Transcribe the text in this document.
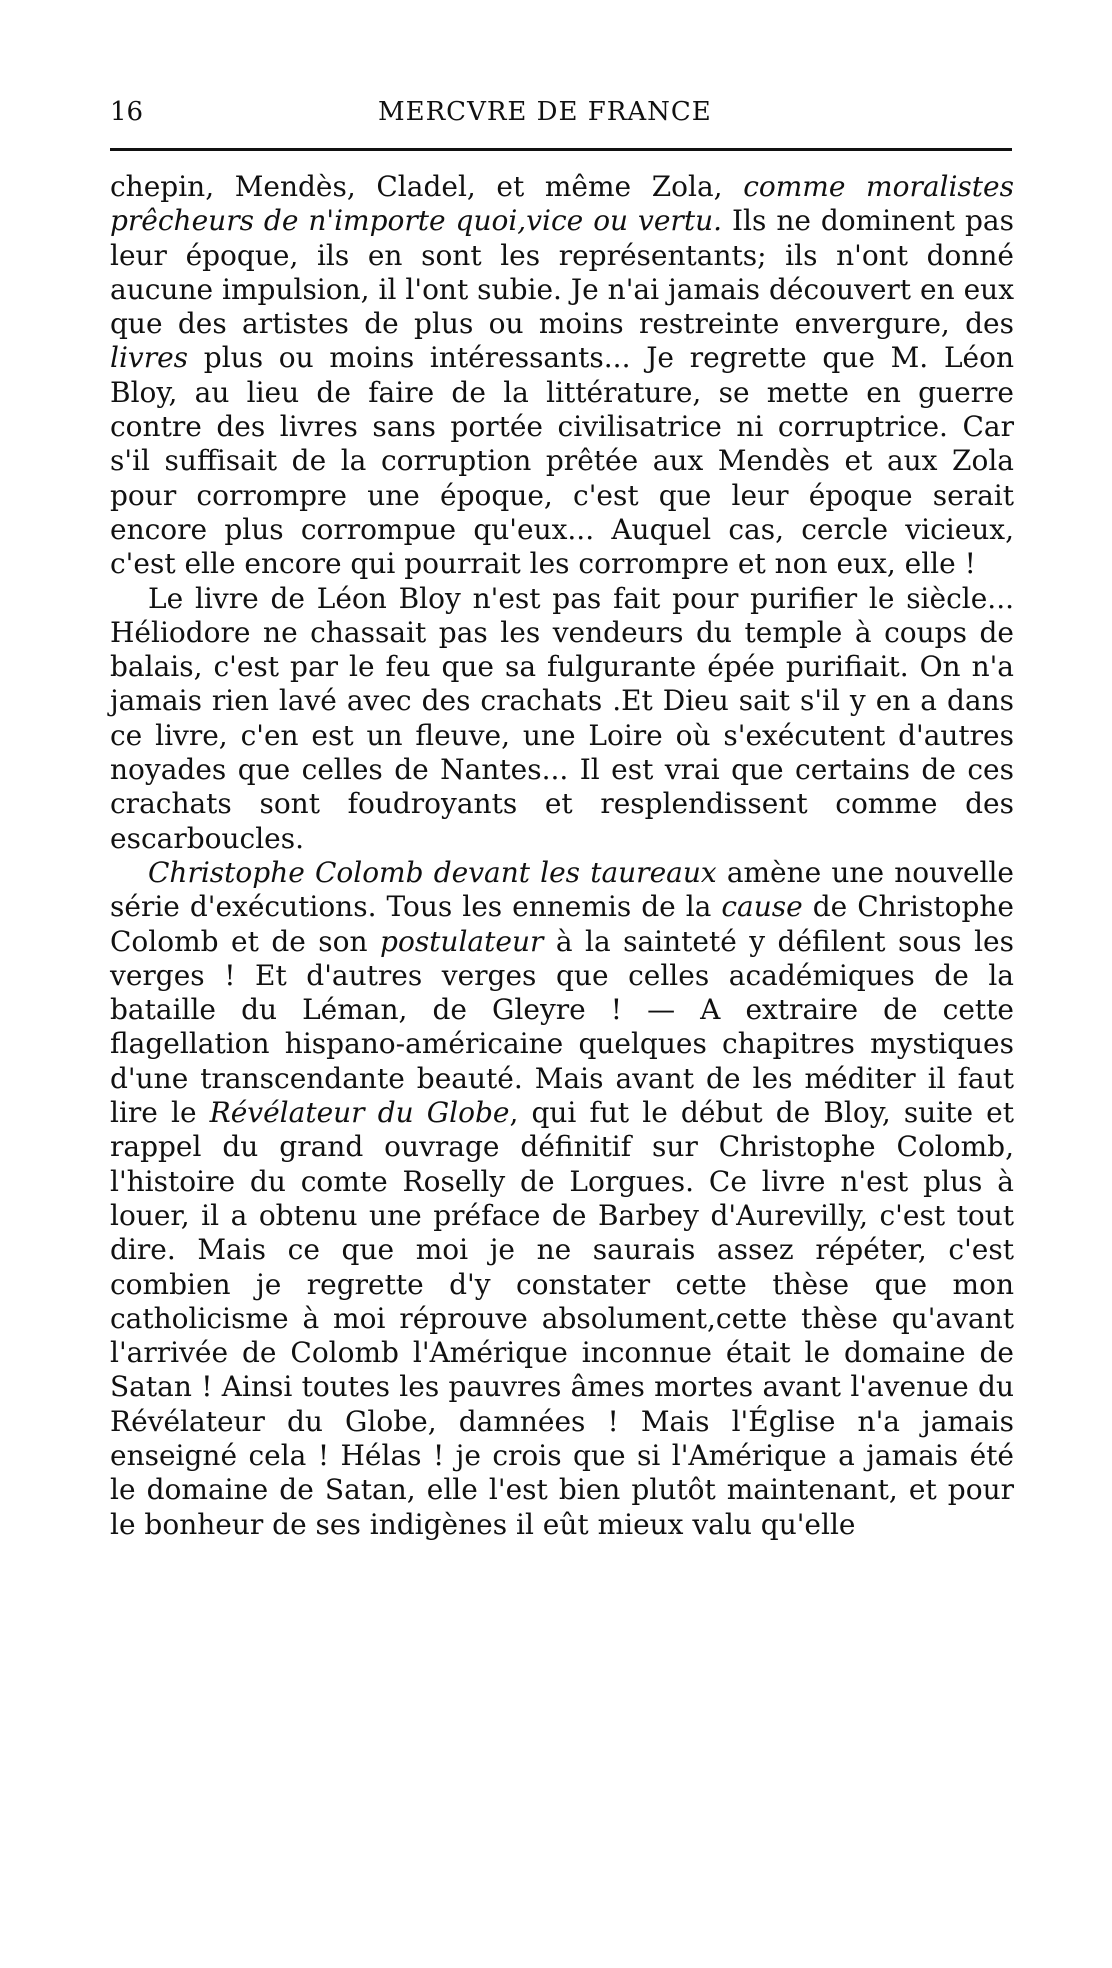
16	MERCVRE DE FRANCE

chepin, Mendès, Cladel, et même Zola, comme moralistes prêcheurs de n'importe quoi,vice ou vertu. Ils ne dominent pas leur époque, ils en sont les représentants; ils n'ont donné aucune impulsion, il l'ont subie. Je n'ai jamais découvert en eux que des artistes de plus ou moins restreinte envergure, des livres plus ou moins intéressants... Je regrette que M. Léon Bloy, au lieu de faire de la littérature, se mette en guerre contre des livres sans portée civilisatrice ni corruptrice. Car s'il suffisait de la corruption prêtée aux Mendès et aux Zola pour corrompre une époque, c'est que leur époque serait encore plus corrompue qu'eux... Auquel cas, cercle vicieux, c'est elle encore qui pourrait les corrompre et non eux, elle !

Le livre de Léon Bloy n'est pas fait pour purifier le siècle... Héliodore ne chassait pas les vendeurs du temple à coups de balais, c'est par le feu que sa fulgurante épée purifiait. On n'a jamais rien lavé avec des crachats .Et Dieu sait s'il y en a dans ce livre, c'en est un fleuve, une Loire où s'exécutent d'autres noyades que celles de Nantes... Il est vrai que certains de ces crachats sont foudroyants et resplendissent comme des escarboucles.

Christophe Colomb devant les taureaux amène une nouvelle série d'exécutions. Tous les ennemis de la cause de Christophe Colomb et de son postulateur à la sainteté y défilent sous les verges ! Et d'autres verges que celles académiques de la bataille du Léman, de Gleyre ! — A extraire de cette flagellation hispano-américaine quelques chapitres mystiques d'une transcendante beauté. Mais avant de les méditer il faut lire le Révélateur du Globe, qui fut le début de Bloy, suite et rappel du grand ouvrage définitif sur Christophe Colomb, l'histoire du comte Roselly de Lorgues. Ce livre n'est plus à louer, il a obtenu une préface de Barbey d'Aurevilly, c'est tout dire. Mais ce que moi je ne saurais assez répéter, c'est combien je regrette d'y constater cette thèse que mon catholicisme à moi réprouve absolument,cette thèse qu'avant l'arrivée de Colomb l'Amérique inconnue était le domaine de Satan ! Ainsi toutes les pauvres âmes mortes avant l'avenue du Révélateur du Globe, damnées ! Mais l'Église n'a jamais enseigné cela ! Hélas ! je crois que si l'Amérique a jamais été le domaine de Satan, elle l'est bien plutôt maintenant, et pour le bonheur de ses indigènes il eût mieux valu qu'elle
